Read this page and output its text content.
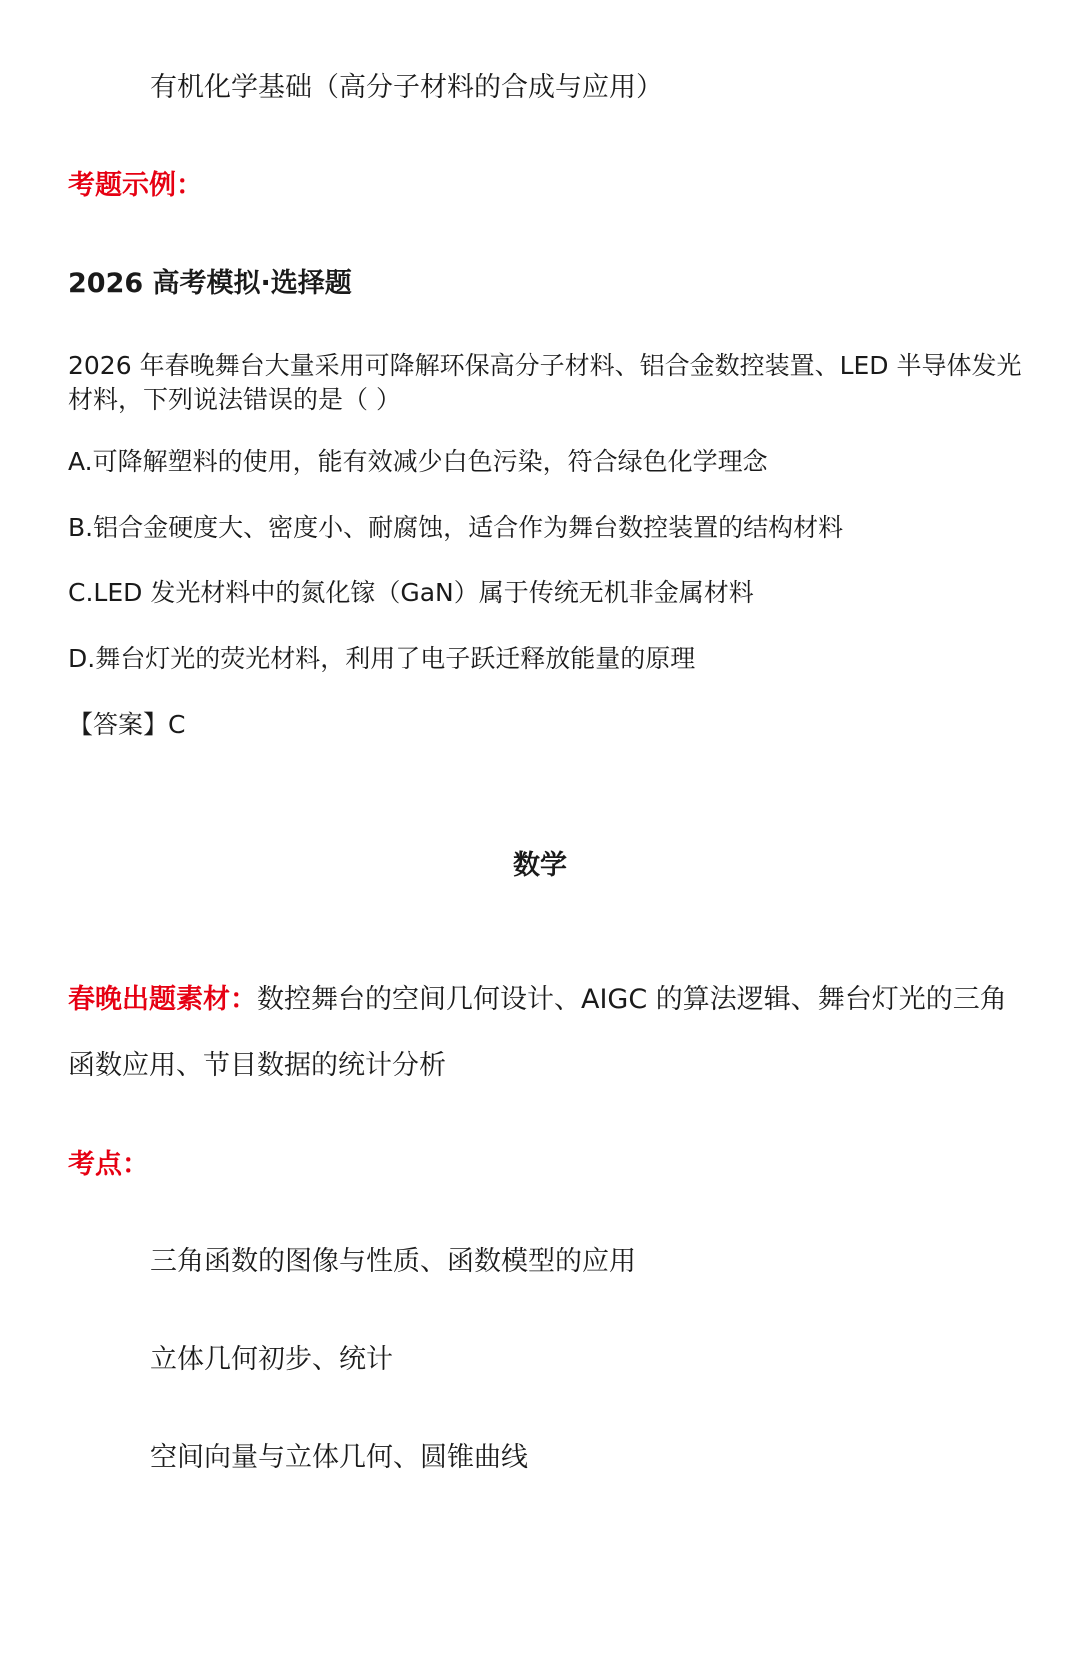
有机化学基础（高分子材料的合成与应用）
考题示例：
2026 高考模拟·选择题
2026 年春晚舞台大量采用可降解环保高分子材料、铝合金数控装置、LED 半导体发光
材料，下列说法错误的是（ ）
A.可降解塑料的使用，能有效减少白色污染，符合绿色化学理念
B.铝合金硬度大、密度小、耐腐蚀，适合作为舞台数控装置的结构材料
C.LED 发光材料中的氮化镓（GaN）属于传统无机非金属材料
D.舞台灯光的荧光材料，利用了电子跃迁释放能量的原理
【答案】C
数学
春晚出题素材：数控舞台的空间几何设计、AIGC 的算法逻辑、舞台灯光的三角
函数应用、节目数据的统计分析
考点：
三角函数的图像与性质、函数模型的应用
立体几何初步、统计
空间向量与立体几何、圆锥曲线
